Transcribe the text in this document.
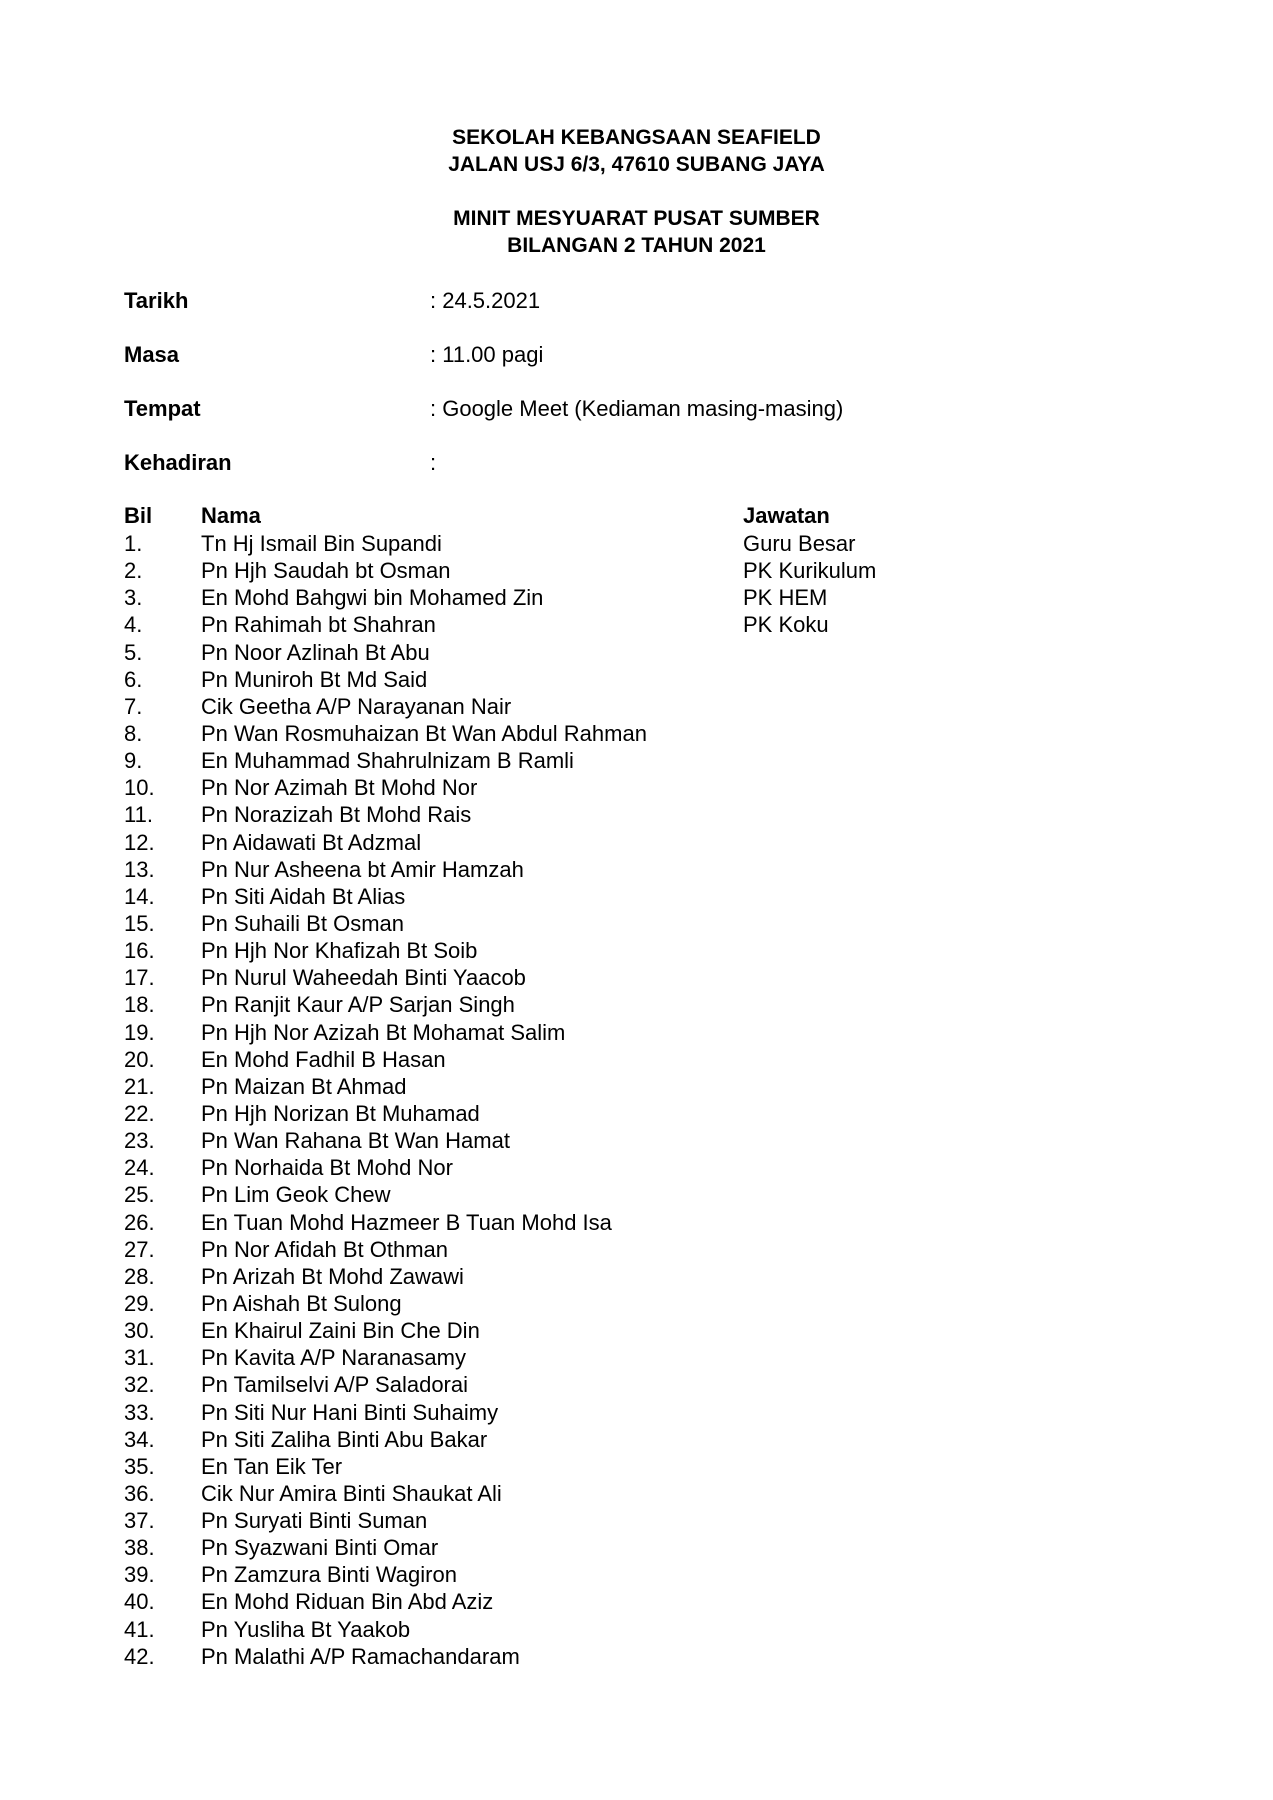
SEKOLAH KEBANGSAAN SEAFIELD
JALAN USJ 6/3, 47610 SUBANG JAYA
MINIT MESYUARAT PUSAT SUMBER
BILANGAN 2 TAHUN 2021
Tarikh	: 24.5.2021
Masa	: 11.00 pagi
Tempat	: Google Meet (Kediaman masing-masing)
Kehadiran	:
Bil Nama	Jawatan
1.	Tn Hj Ismail Bin Supandi	Guru Besar
2.	Pn Hjh Saudah bt Osman	PK Kurikulum
3.	En Mohd Bahgwi bin Mohamed Zin	PK HEM
4.	Pn Rahimah bt Shahran	PK Koku
5.	Pn Noor Azlinah Bt Abu
6.	Pn Muniroh Bt Md Said
7.	Cik Geetha A/P Narayanan Nair
8.	Pn Wan Rosmuhaizan Bt Wan Abdul Rahman
9.	En Muhammad Shahrulnizam B Ramli
10. Pn Nor Azimah Bt Mohd Nor
11. Pn Norazizah Bt Mohd Rais
12. Pn Aidawati Bt Adzmal
13. Pn Nur Asheena bt Amir Hamzah
14. Pn Siti Aidah Bt Alias
15. Pn Suhaili Bt Osman
16. Pn Hjh Nor Khafizah Bt Soib
17. Pn Nurul Waheedah Binti Yaacob
18. Pn Ranjit Kaur A/P Sarjan Singh
19. Pn Hjh Nor Azizah Bt Mohamat Salim
20. En Mohd Fadhil B Hasan
21. Pn Maizan Bt Ahmad
22. Pn Hjh Norizan Bt Muhamad
23. Pn Wan Rahana Bt Wan Hamat
24. Pn Norhaida Bt Mohd Nor
25. Pn Lim Geok Chew
26. En Tuan Mohd Hazmeer B Tuan Mohd Isa
27. Pn Nor Afidah Bt Othman
28. Pn Arizah Bt Mohd Zawawi
29. Pn Aishah Bt Sulong
30. En Khairul Zaini Bin Che Din
31. Pn Kavita A/P Naranasamy
32. Pn Tamilselvi A/P Saladorai
33. Pn Siti Nur Hani Binti Suhaimy
34. Pn Siti Zaliha Binti Abu Bakar
35. En Tan Eik Ter
36. Cik Nur Amira Binti Shaukat Ali
37. Pn Suryati Binti Suman
38. Pn Syazwani Binti Omar
39. Pn Zamzura Binti Wagiron
40. En Mohd Riduan Bin Abd Aziz
41. Pn Yusliha Bt Yaakob
42. Pn Malathi A/P Ramachandaram
